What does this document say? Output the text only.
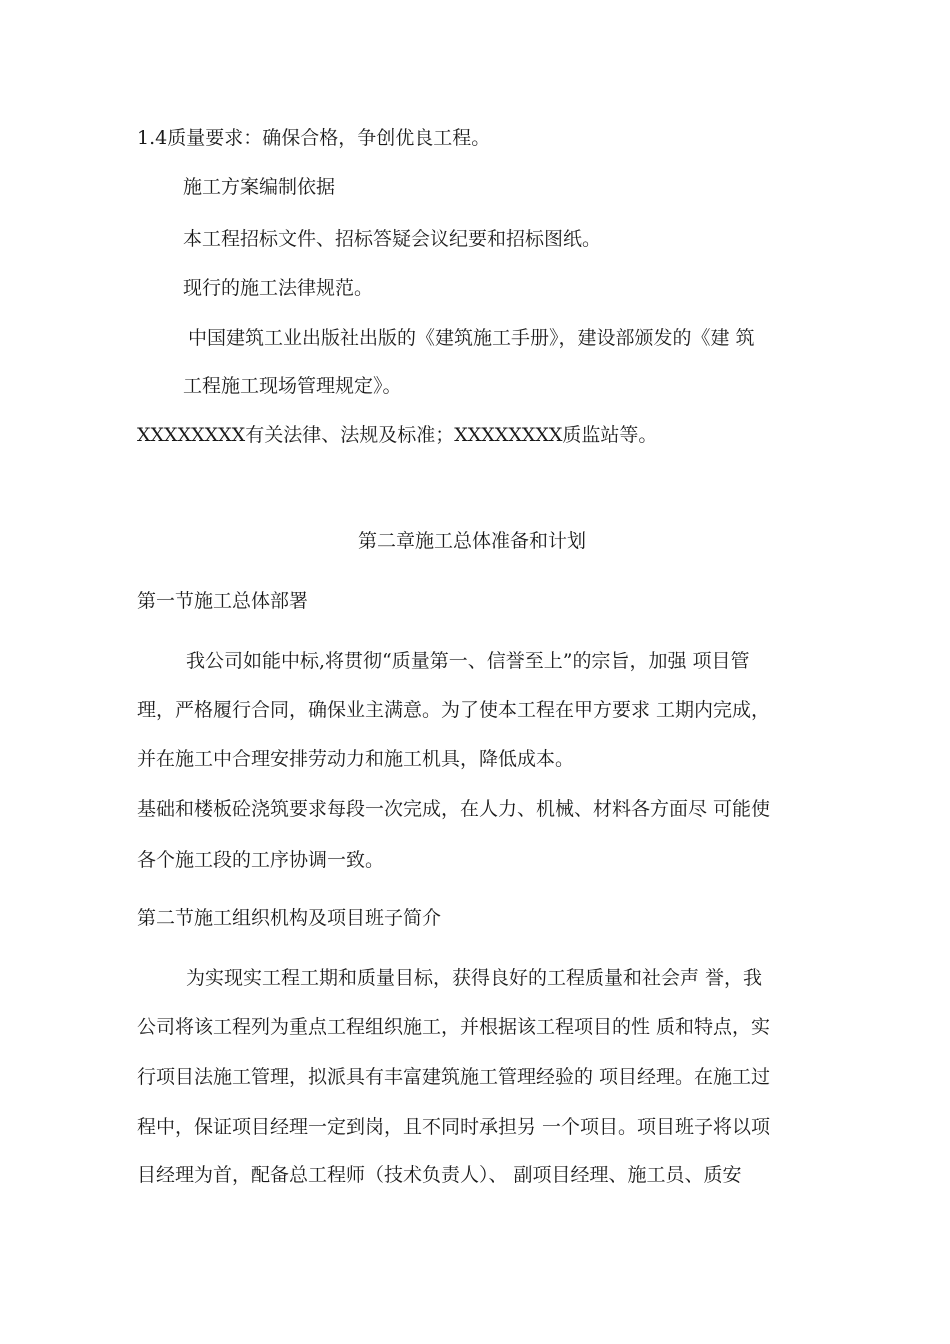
1.4质量要求：确保合格，争创优良工程。
施工方案编制依据
本工程招标文件、招标答疑会议纪要和招标图纸。
现行的施工法律规范。
中国建筑工业出版社出版的《建筑施工手册》，建设部颁发的《建 筑
工程施工现场管理规定》。
XXXXXXXX有关法律、法规及标准；XXXXXXXX质监站等。
第二章施工总体准备和计划
第一节施工总体部署
我公司如能中标,将贯彻“质量第一、信誉至上”的宗旨，加强 项目管
理，严格履行合同，确保业主满意。为了使本工程在甲方要求 工期内完成，
并在施工中合理安排劳动力和施工机具，降低成本。
基础和楼板砼浇筑要求每段一次完成，在人力、机械、材料各方面尽 可能使
各个施工段的工序协调一致。
第二节施工组织机构及项目班子简介
为实现实工程工期和质量目标，获得良好的工程质量和社会声 誉，我
公司将该工程列为重点工程组织施工，并根据该工程项目的性 质和特点，实
行项目法施工管理，拟派具有丰富建筑施工管理经验的 项目经理。在施工过
程中，保证项目经理一定到岗，且不同时承担另 一个项目。项目班子将以项
目经理为首，配备总工程师（技术负责人）、 副项目经理、施工员、质安
